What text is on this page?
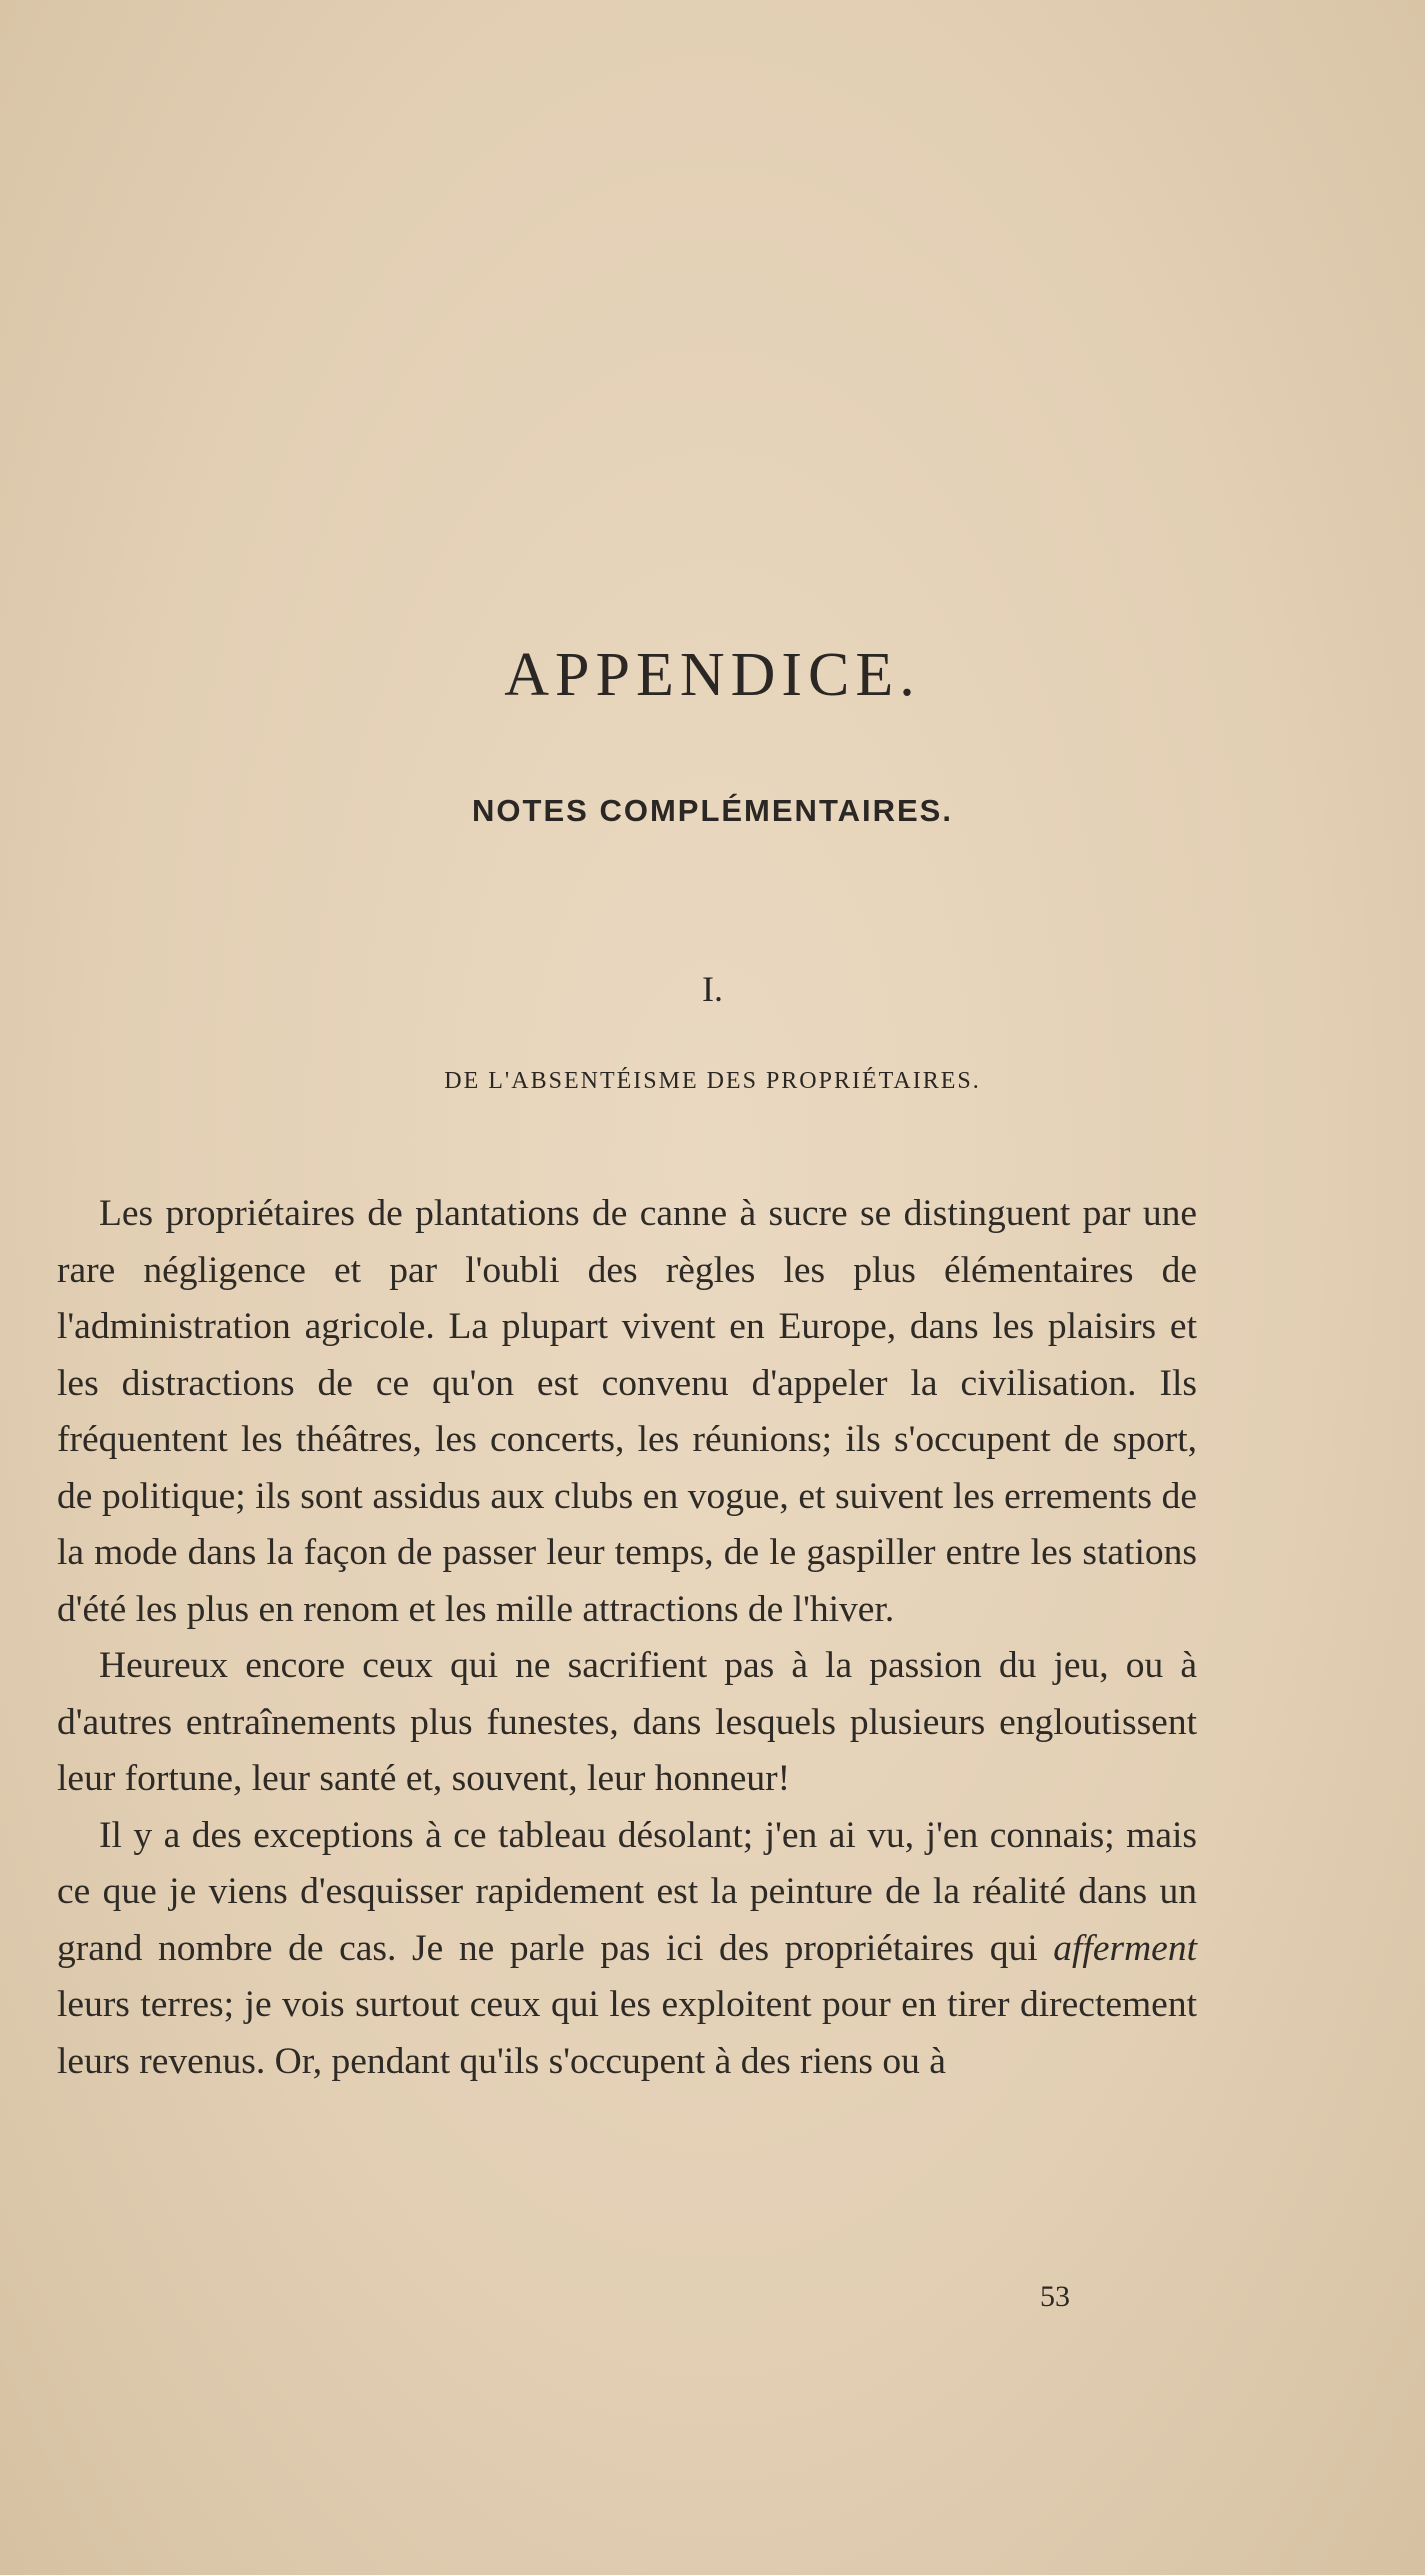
APPENDICE.
NOTES COMPLÉMENTAIRES.
I.
DE L'ABSENTÉISME DES PROPRIÉTAIRES.

Les propriétaires de plantations de canne à sucre se distinguent par une rare négligence et par l'oubli des règles les plus élémentaires de l'administration agricole. La plupart vivent en Europe, dans les plaisirs et les distractions de ce qu'on est convenu d'appeler la civilisation. Ils fréquentent les théâtres, les concerts, les réunions; ils s'occupent de sport, de politique; ils sont assidus aux clubs en vogue, et suivent les errements de la mode dans la façon de passer leur temps, de le gaspiller entre les stations d'été les plus en renom et les mille attractions de l'hiver.

Heureux encore ceux qui ne sacrifient pas à la passion du jeu, ou à d'autres entraînements plus funestes, dans lesquels plusieurs engloutissent leur fortune, leur santé et, souvent, leur honneur!

Il y a des exceptions à ce tableau désolant; j'en ai vu, j'en connais; mais ce que je viens d'esquisser rapidement est la peinture de la réalité dans un grand nombre de cas. Je ne parle pas ici des propriétaires qui afferment leurs terres; je vois surtout ceux qui les exploitent pour en tirer directement leurs revenus. Or, pendant qu'ils s'occupent à des riens ou à

53
